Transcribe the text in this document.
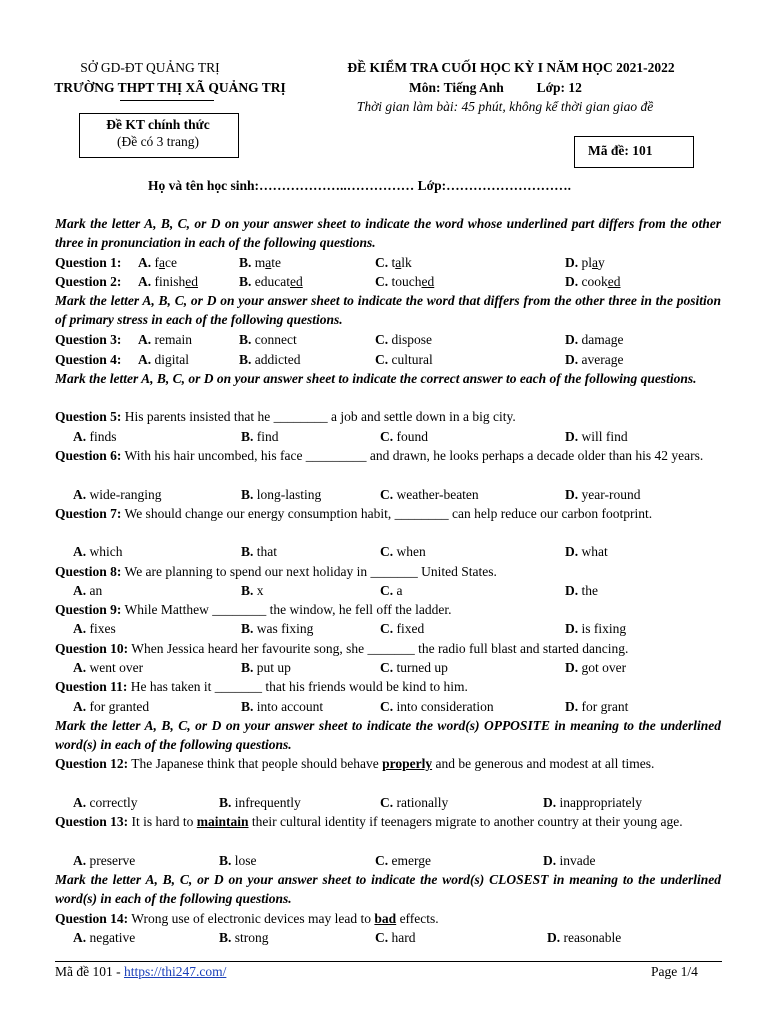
SỞ GD-ĐT QUẢNG TRỊ
TRƯỜNG THPT THỊ XÃ QUẢNG TRỊ
Đề KT chính thức
(Đề có 3 trang)
ĐỀ KIỂM TRA CUỐI HỌC KỲ I NĂM HỌC 2021-2022
Môn: Tiếng Anh Lớp: 12
Thời gian làm bài: 45 phút, không kể thời gian giao đề
Mã đề: 101
Họ và tên học sinh:………………..…………… Lớp:……………………….
Mark the letter A, B, C, or D on your answer sheet to indicate the word whose underlined part differs from the other three in pronunciation in each of the following questions.
Question 1: A. face	B. mate	C. talk	D. play
Question 2: A. finished	B. educated	C. touched	D. cooked
Mark the letter A, B, C, or D on your answer sheet to indicate the word that differs from the other three in the position of primary stress in each of the following questions.
Question 3: A. remain	B. connect	C. dispose	D. damage
Question 4: A. digital	B. addicted	C. cultural	D. average
Mark the letter A, B, C, or D on your answer sheet to indicate the correct answer to each of the following questions.
Question 5: His parents insisted that he ________ a job and settle down in a big city.
A. finds	B. find	C. found	D. will find
Question 6: With his hair uncombed, his face _________ and drawn, he looks perhaps a decade older than his 42 years.
A. wide-ranging	B. long-lasting	C. weather-beaten	D. year-round
Question 7: We should change our energy consumption habit, ________ can help reduce our carbon footprint.
A. which	B. that	C. when	D. what
Question 8: We are planning to spend our next holiday in _______ United States.
A. an	B. x	C. a	D. the
Question 9: While Matthew ________ the window, he fell off the ladder.
A. fixes	B. was fixing	C. fixed	D. is fixing
Question 10: When Jessica heard her favourite song, she _______ the radio full blast and started dancing.
A. went over	B. put up	C. turned up	D. got over
Question 11: He has taken it _______ that his friends would be kind to him.
A. for granted	B. into account	C. into consideration	D. for grant
Mark the letter A, B, C, or D on your answer sheet to indicate the word(s) OPPOSITE in meaning to the underlined word(s) in each of the following questions.
Question 12: The Japanese think that people should behave properly and be generous and modest at all times.
A. correctly	B. infrequently	C. rationally	D. inappropriately
Question 13: It is hard to maintain their cultural identity if teenagers migrate to another country at their young age.
A. preserve	B. lose	C. emerge	D. invade
Mark the letter A, B, C, or D on your answer sheet to indicate the word(s) CLOSEST in meaning to the underlined word(s) in each of the following questions.
Question 14: Wrong use of electronic devices may lead to bad effects.
A. negative	B. strong	C. hard	D. reasonable
Mã đề 101 - https://thi247.com/	Page 1/4
